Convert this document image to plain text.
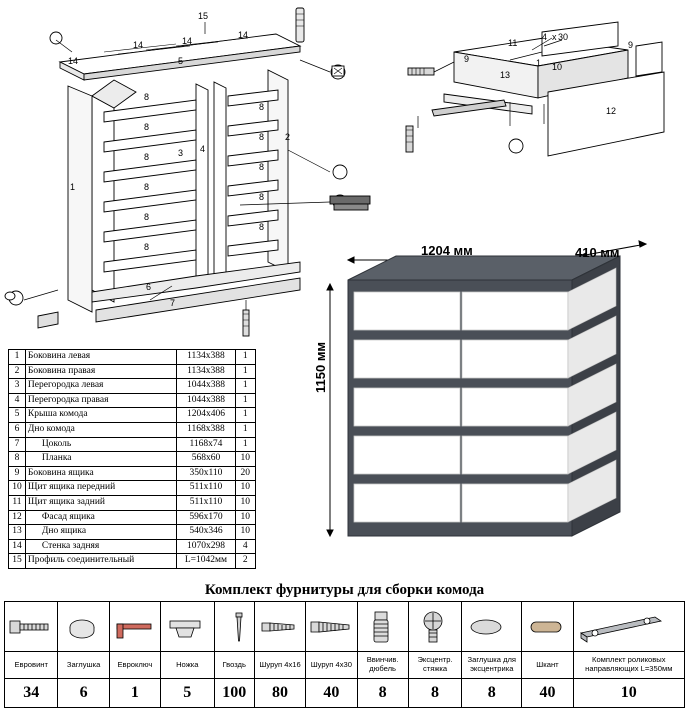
15
14	14
14
14	5
8
8
8
8
8
8
8
8
8
8
8
1
2
3 4
6
7
11
4 х 30
9
9
13
10
1
12
1204 мм	410 мм
1150 мм
1	Боковина левая	1134x388	1
2	Боковина правая	1134x388	1
3	Перегородка левая	1044x388	1
4	Перегородка правая	1044x388	1
5	Крыша комода	1204x406	1
6	Дно комода	1168x388	1
7	Цоколь	1168x74	1
8	Планка	568x60	10
9	Боковина ящика	350x110	20
10	Щит ящика передний	511x110	10
11	Щит ящика задний	511x110	10
12	Фасад ящика	596x170	10
13	Дно ящика	540x346	10
14	Стенка задняя	1070x298	4
15	Профиль соединительный	L=1042мм	2
Комплект фурнитуры для сборки комода

Евровинт	Заглушка	Евроключ	Ножка	Гвоздь	Шуруп 4х16	Шуруп 4х30	Ввинчив. дюбель	Эксцентр. стяжка	Заглушка для эксцентрика	Шкант	Комплект роликовых направляющих L=350мм
34	6	1	5	100	80	40	8	8	8	40	10
